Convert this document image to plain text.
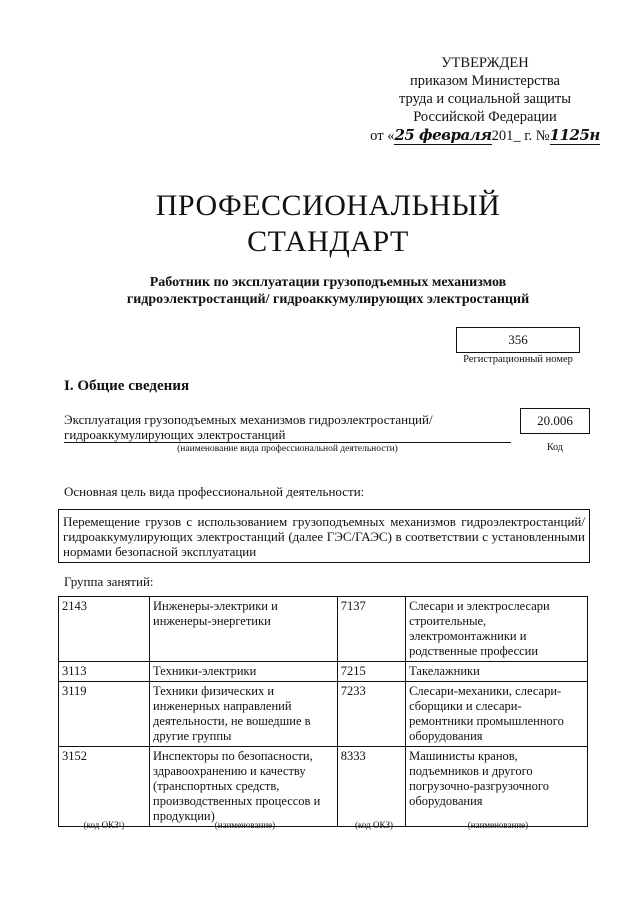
УТВЕРЖДЕН
приказом Министерства
труда и социальной защиты
Российской Федерации
от «25 февраля201_ г. №1125н
ПРОФЕССИОНАЛЬНЫЙ
СТАНДАРТ
Работник по эксплуатации грузоподъемных механизмов
гидроэлектростанций/ гидроаккумулирующих электростанций
356
Регистрационный номер
I. Общие сведения
Эксплуатация грузоподъемных механизмов гидроэлектростанций/
гидроаккумулирующих электростанций
(наименование вида профессиональной деятельности)
20.006
Код
Основная цель вида профессиональной деятельности:
Перемещение грузов с использованием грузоподъемных механизмов гидроэлектростанций/ гидроаккумулирующих электростанций (далее ГЭС/ГАЭС) в соответствии с установленными нормами безопасной эксплуатации
Группа занятий:
2143	Инженеры-электрики и инженеры-энергетики	7137	Слесари и электрослесари строительные, электромонтажники и родственные профессии
3113	Техники-электрики	7215	Такелажники
3119	Техники физических и инженерных направлений деятельности, не вошедшие в другие группы	7233	Слесари-механики, слесари-сборщики и слесари-ремонтники промышленного оборудования
3152	Инспекторы по безопасности, здравоохранению и качеству (транспортных средств, производственных процессов и продукции)	8333	Машинисты кранов, подъемников и другого погрузочно-разгрузочного оборудования
(код ОКЗ¹)	(наименование)	(код ОКЗ)	(наименование)
